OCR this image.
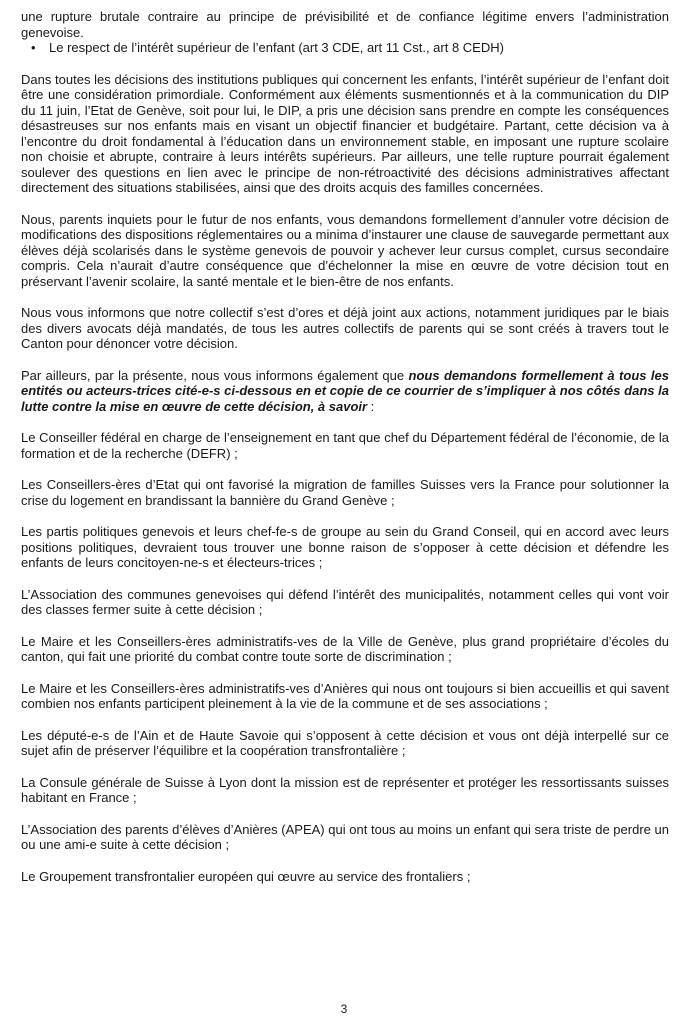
une rupture brutale contraire au principe de prévisibilité et de confiance légitime envers l’administration genevoise.

• Le respect de l’intérêt supérieur de l’enfant (art 3 CDE, art 11 Cst., art 8 CEDH)

Dans toutes les décisions des institutions publiques qui concernent les enfants, l’intérêt supérieur de l’enfant doit être une considération primordiale. Conformément aux éléments susmentionnés et à la communication du DIP du 11 juin, l’Etat de Genève, soit pour lui, le DIP, a pris une décision sans prendre en compte les conséquences désastreuses sur nos enfants mais en visant un objectif financier et budgétaire. Partant, cette décision va à l’encontre du droit fondamental à l’éducation dans un environnement stable, en imposant une rupture scolaire non choisie et abrupte, contraire à leurs intérêts supérieurs. Par ailleurs, une telle rupture pourrait également soulever des questions en lien avec le principe de non-rétroactivité des décisions administratives affectant directement des situations stabilisées, ainsi que des droits acquis des familles concernées.

Nous, parents inquiets pour le futur de nos enfants, vous demandons formellement d’annuler votre décision de modifications des dispositions réglementaires ou a minima d’instaurer une clause de sauvegarde permettant aux élèves déjà scolarisés dans le système genevois de pouvoir y achever leur cursus complet, cursus secondaire compris. Cela n’aurait d’autre conséquence que d’échelonner la mise en œuvre de votre décision tout en préservant l’avenir scolaire, la santé mentale et le bien-être de nos enfants.

Nous vous informons que notre collectif s’est d’ores et déjà joint aux actions, notamment juridiques par le biais des divers avocats déjà mandatés, de tous les autres collectifs de parents qui se sont créés à travers tout le Canton pour dénoncer votre décision.

Par ailleurs, par la présente, nous vous informons également que nous demandons formellement à tous les entités ou acteurs-trices cité-e-s ci-dessous en et copie de ce courrier de s’impliquer à nos côtés dans la lutte contre la mise en œuvre de cette décision, à savoir :

Le Conseiller fédéral en charge de l’enseignement en tant que chef du Département fédéral de l’économie, de la formation et de la recherche (DEFR) ;

Les Conseillers-ères d’Etat qui ont favorisé la migration de familles Suisses vers la France pour solutionner la crise du logement en brandissant la bannière du Grand Genève ;

Les partis politiques genevois et leurs chef-fe-s de groupe au sein du Grand Conseil, qui en accord avec leurs positions politiques, devraient tous trouver une bonne raison de s’opposer à cette décision et défendre les enfants de leurs concitoyen-ne-s et électeurs-trices ;

L’Association des communes genevoises qui défend l’intérêt des municipalités, notamment celles qui vont voir des classes fermer suite à cette décision ;

Le Maire et les Conseillers-ères administratifs-ves de la Ville de Genève, plus grand propriétaire d’écoles du canton, qui fait une priorité du combat contre toute sorte de discrimination ;

Le Maire et les Conseillers-ères administratifs-ves d’Anières qui nous ont toujours si bien accueillis et qui savent combien nos enfants participent pleinement à la vie de la commune et de ses associations ;

Les député-e-s de l’Ain et de Haute Savoie qui s’opposent à cette décision et vous ont déjà interpellé sur ce sujet afin de préserver l’équilibre et la coopération transfrontalière ;

La Consule générale de Suisse à Lyon dont la mission est de représenter et protéger les ressortissants suisses habitant en France ;

L’Association des parents d’élèves d’Anières (APEA) qui ont tous au moins un enfant qui sera triste de perdre un ou une ami-e suite à cette décision ;

Le Groupement transfrontalier européen qui œuvre au service des frontaliers ;

3
